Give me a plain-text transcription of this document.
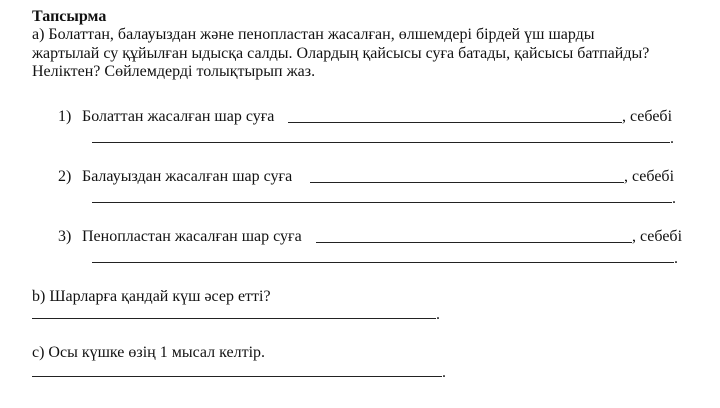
Тапсырма
a) Болаттан, балауыздан және пенопластан жасалған, өлшемдері бірдей үш шарды
жартылай су құйылған ыдысқа салды. Олардың қайсысы суға батады, қайсысы батпайды?
Неліктен? Сөйлемдерді толықтырып жаз.
1) Болаттан жасалған шар суға	, себебі
.
2) Балауыздан жасалған шар суға	, себебі
.
3) Пенопластан жасалған шар суға	, себебі
.
b) Шарларға қандай күш әсер етті?
.
c) Осы күшке өзің 1 мысал келтір.
.
